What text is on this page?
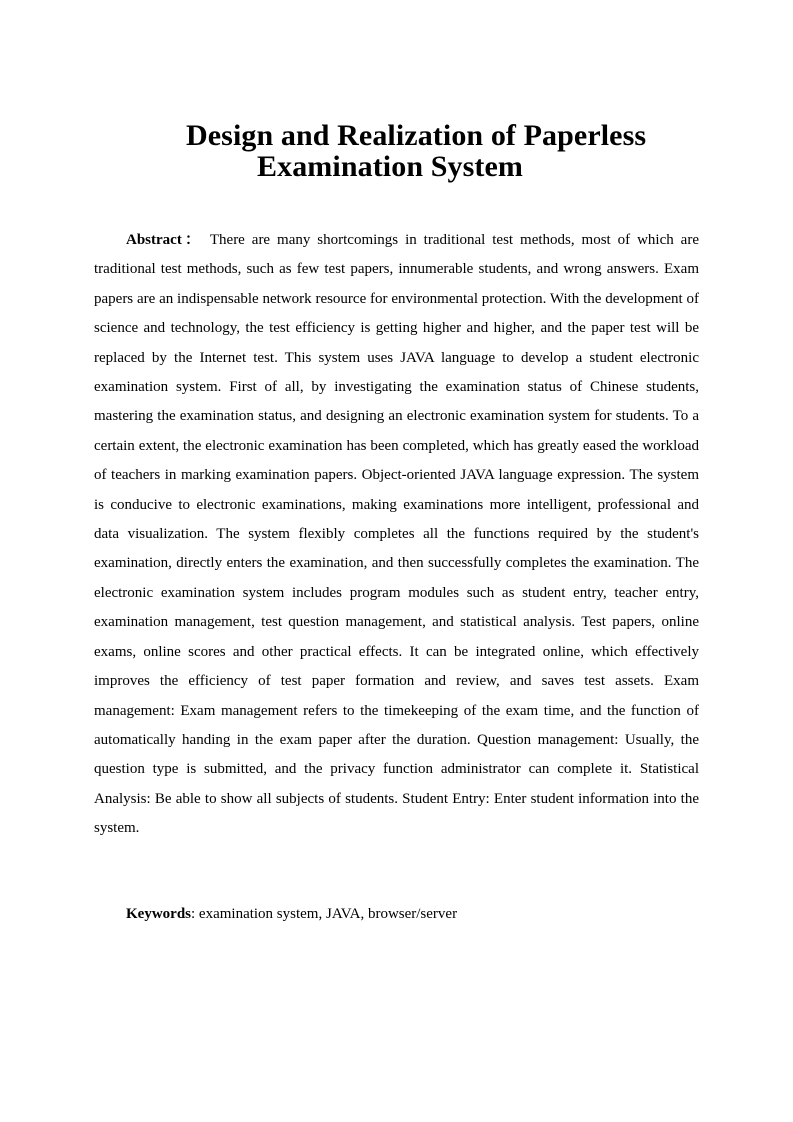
Design and Realization of Paperless
Examination System

Abstract： There are many shortcomings in traditional test methods, most of which are traditional test methods, such as few test papers, innumerable students, and wrong answers. Exam papers are an indispensable network resource for environmental protection. With the development of science and technology, the test efficiency is getting higher and higher, and the paper test will be replaced by the Internet test. This system uses JAVA language to develop a student electronic examination system. First of all, by investigating the examination status of Chinese students, mastering the examination status, and designing an electronic examination system for students. To a certain extent, the electronic examination has been completed, which has greatly eased the workload of teachers in marking examination papers. Object-oriented JAVA language expression. The system is conducive to electronic examinations, making examinations more intelligent, professional and data visualization. The system flexibly completes all the functions required by the student's examination, directly enters the examination, and then successfully completes the examination. The electronic examination system includes program modules such as student entry, teacher entry, examination management, test question management, and statistical analysis. Test papers, online exams, online scores and other practical effects. It can be integrated online, which effectively improves the efficiency of test paper formation and review, and saves test assets. Exam management: Exam management refers to the timekeeping of the exam time, and the function of automatically handing in the exam paper after the duration. Question management: Usually, the question type is submitted, and the privacy function administrator can complete it. Statistical Analysis: Be able to show all subjects of students. Student Entry: Enter student information into the system.

Keywords: examination system, JAVA, browser/server
